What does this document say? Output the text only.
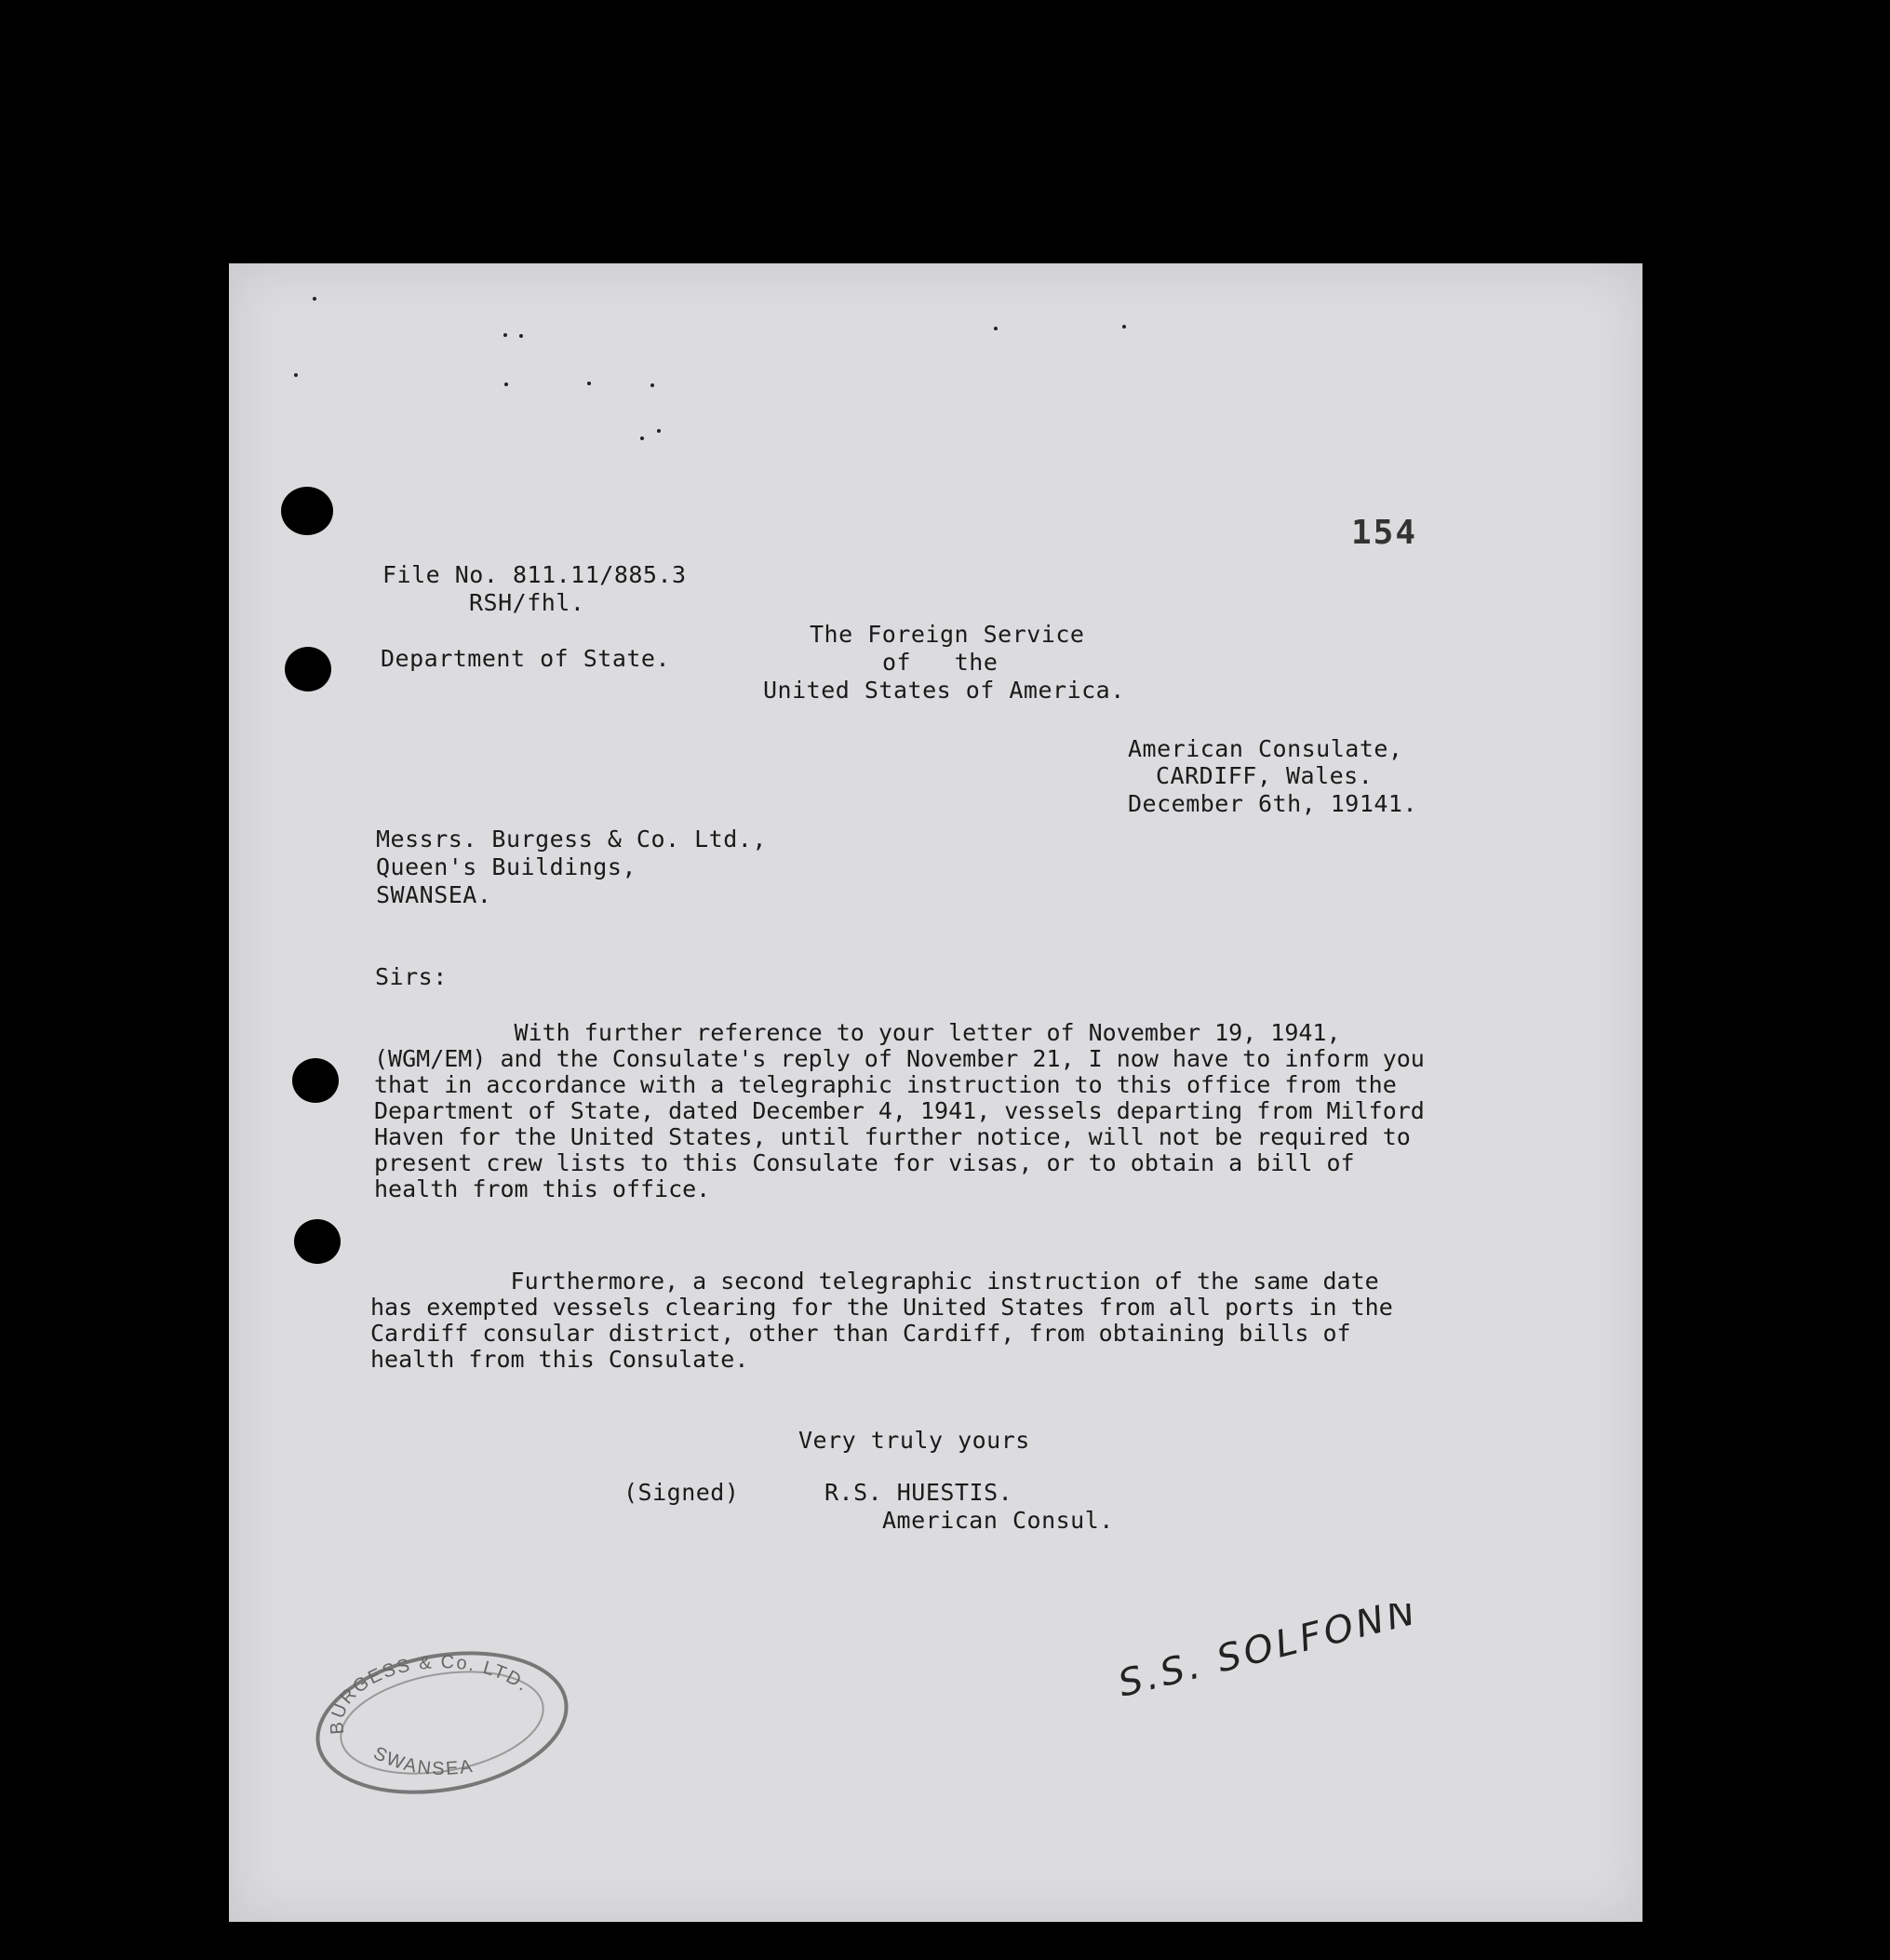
154
File No. 811.11/885.3
RSH/fhl.
Department of State.
The Foreign Service
of   the
United States of America.
American Consulate,
CARDIFF, Wales.
December 6th, 19141.
Messrs. Burgess & Co. Ltd.,
Queen's Buildings,
SWANSEA.
Sirs:
With further reference to your letter of November 19, 1941,
(WGM/EM) and the Consulate's reply of November 21, I now have to inform you
that in accordance with a telegraphic instruction to this office from the
Department of State, dated December 4, 1941, vessels departing from Milford
Haven for the United States, until further notice, will not be required to
present crew lists to this Consulate for visas, or to obtain a bill of
health from this office.
Furthermore, a second telegraphic instruction of the same date
has exempted vessels clearing for the United States from all ports in the
Cardiff consular district, other than Cardiff, from obtaining bills of
health from this Consulate.
Very truly yours
(Signed)	R.S. HUESTIS.
American Consul.
BURGESS & Co. LTD.
SWANSEA
S.S. SOLFONN
